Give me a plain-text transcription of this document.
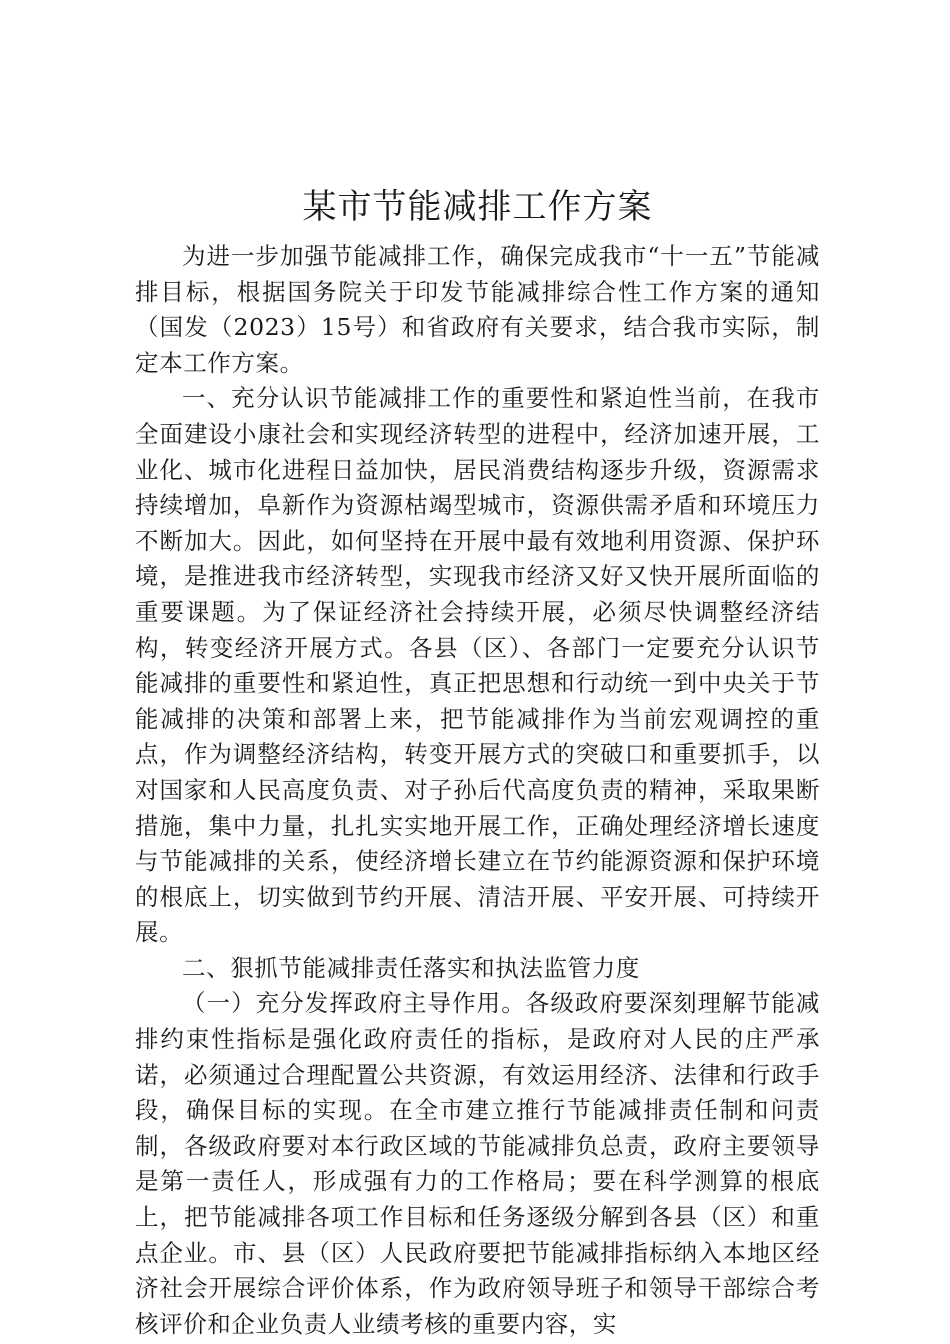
某市节能减排工作方案

为进一步加强节能减排工作，确保完成我市“十一五”节能减排目标，根据国务院关于印发节能减排综合性工作方案的通知（国发（2023）15号）和省政府有关要求，结合我市实际，制定本工作方案。

一、充分认识节能减排工作的重要性和紧迫性当前，在我市全面建设小康社会和实现经济转型的进程中，经济加速开展，工业化、城市化进程日益加快，居民消费结构逐步升级，资源需求持续增加，阜新作为资源枯竭型城市，资源供需矛盾和环境压力不断加大。因此，如何坚持在开展中最有效地利用资源、保护环境，是推进我市经济转型，实现我市经济又好又快开展所面临的重要课题。为了保证经济社会持续开展，必须尽快调整经济结构，转变经济开展方式。各县（区）、各部门一定要充分认识节能减排的重要性和紧迫性，真正把思想和行动统一到中央关于节能减排的决策和部署上来，把节能减排作为当前宏观调控的重点，作为调整经济结构，转变开展方式的突破口和重要抓手，以对国家和人民高度负责、对子孙后代高度负责的精神，采取果断措施，集中力量，扎扎实实地开展工作，正确处理经济增长速度与节能减排的关系，使经济增长建立在节约能源资源和保护环境的根底上，切实做到节约开展、清洁开展、平安开展、可持续开展。

二、狠抓节能减排责任落实和执法监管力度

（一）充分发挥政府主导作用。各级政府要深刻理解节能减排约束性指标是强化政府责任的指标，是政府对人民的庄严承诺，必须通过合理配置公共资源，有效运用经济、法律和行政手段，确保目标的实现。在全市建立推行节能减排责任制和问责制，各级政府要对本行政区域的节能减排负总责，政府主要领导是第一责任人，形成强有力的工作格局；要在科学测算的根底上，把节能减排各项工作目标和任务逐级分解到各县（区）和重点企业。市、县（区）人民政府要把节能减排指标纳入本地区经济社会开展综合评价体系，作为政府领导班子和领导干部综合考核评价和企业负责人业绩考核的重要内容，实
